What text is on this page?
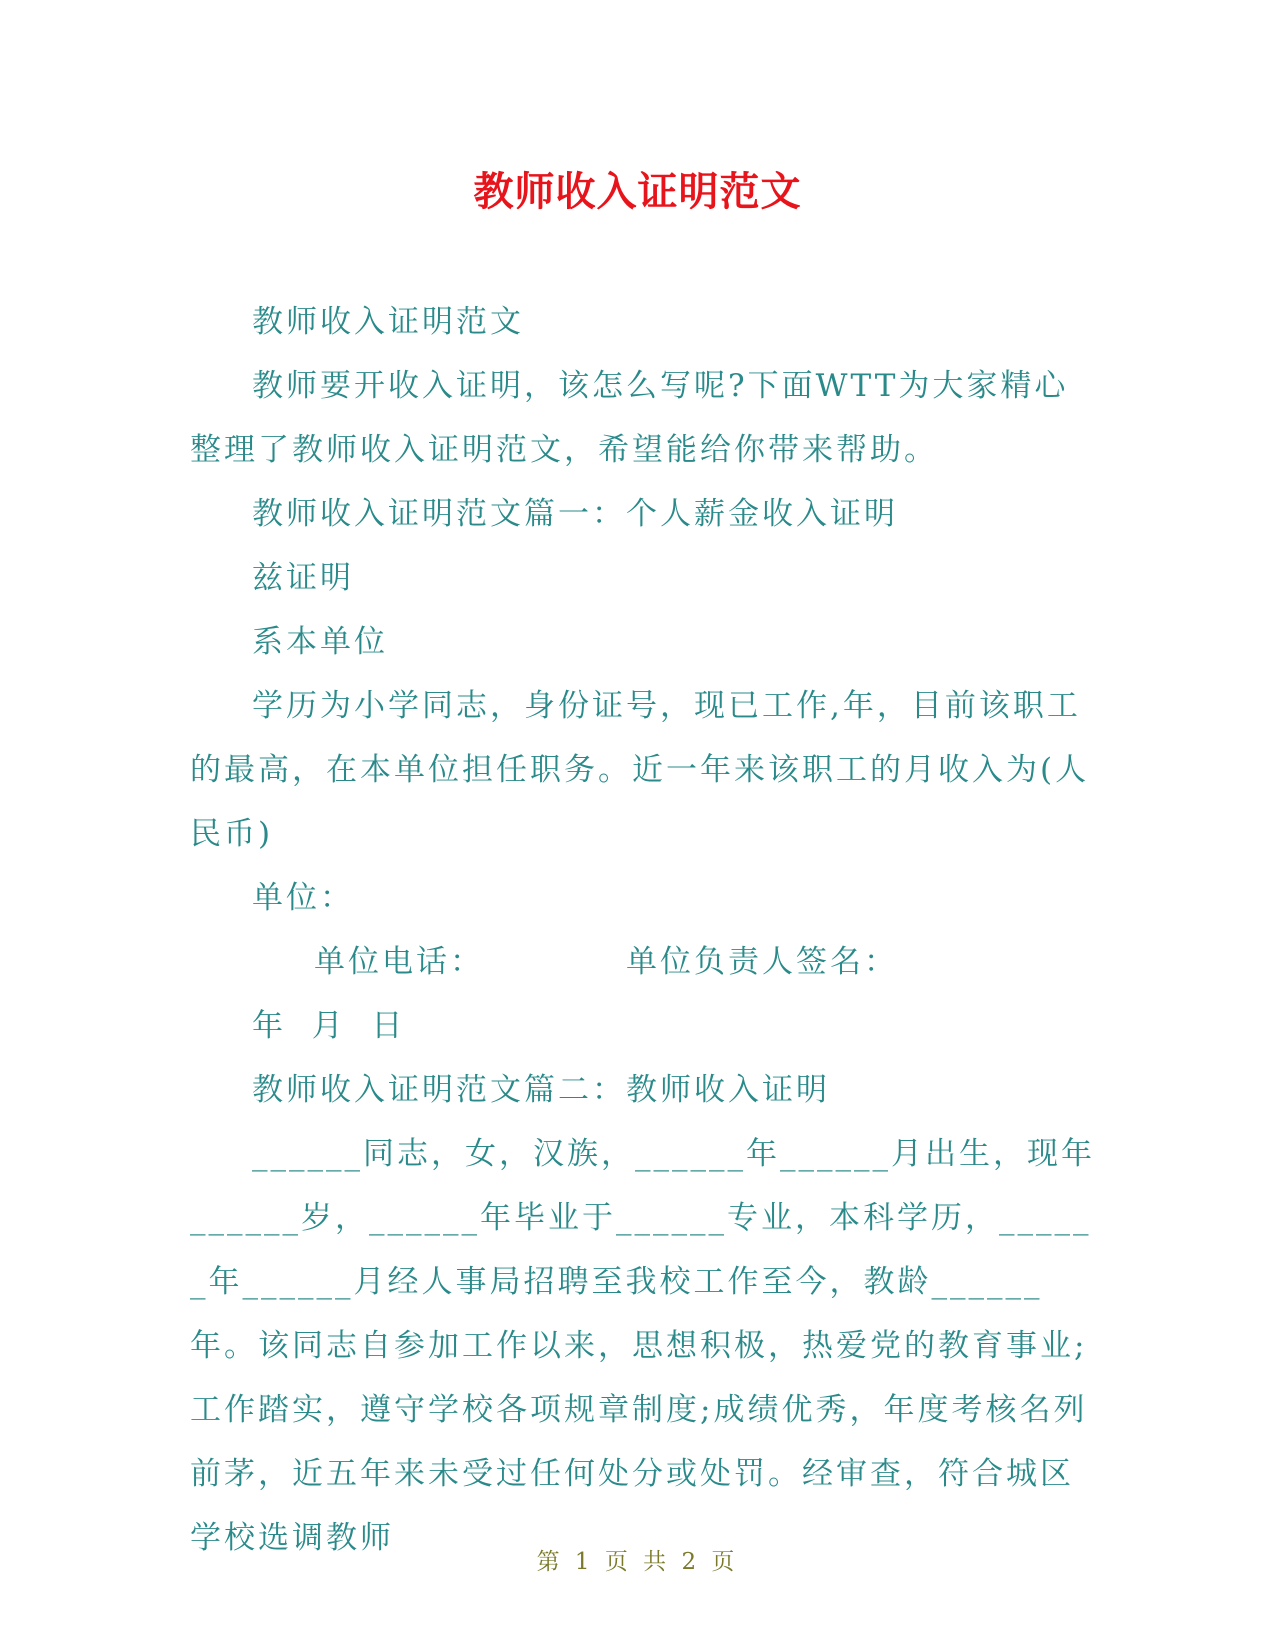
教师收入证明范文

教师收入证明范文

教师要开收入证明，该怎么写呢?下面WTT为大家精心整理了教师收入证明范文，希望能给你带来帮助。

教师收入证明范文篇一：个人薪金收入证明

兹证明

系本单位

学历为小学同志，身份证号，现已工作,年，目前该职工的最高，在本单位担任职务。近一年来该职工的月收入为(人民币)

单位：

单位电话：	单位负责人签名：年  月  日

教师收入证明范文篇二：教师收入证明

______同志，女，汉族，______年______月出生，现年______岁，______年毕业于______专业，本科学历，______年______月经人事局招聘至我校工作至今，教龄______年。该同志自参加工作以来，思想积极，热爱党的教育事业;工作踏实，遵守学校各项规章制度;成绩优秀，年度考核名列前茅，近五年来未受过任何处分或处罚。经审查，符合城区学校选调教师

第 1 页 共 2 页
